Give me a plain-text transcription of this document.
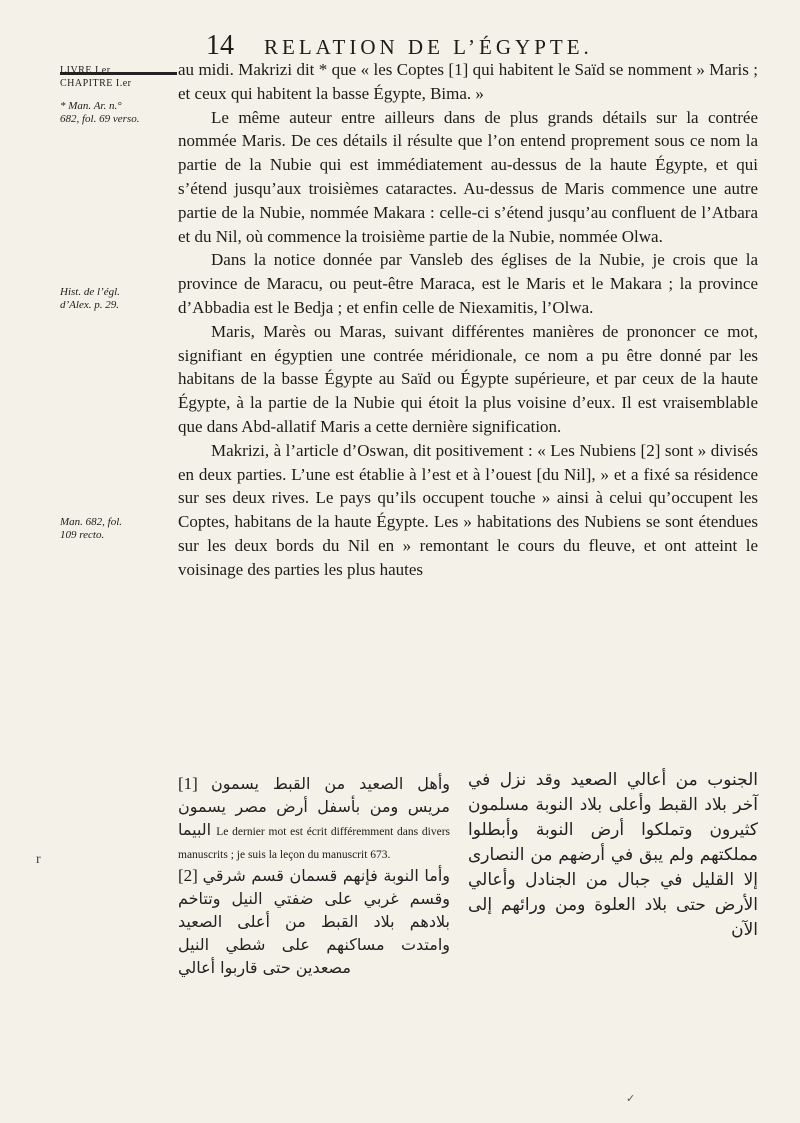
14 RELATION DE L’ÉGYPTE.
LIVRE I.er
CHAPITRE I.er
* Man. Ar. n.°
682, fol. 69 verso.
Hist. de l’égl.
d’Alex. p. 29.
Man. 682, fol.
109 recto.

au midi. Makrizi dit * que « les Coptes [1] qui habitent le Saïd se nomment » Maris ; et ceux qui habitent la basse Égypte, Bima. »

Le même auteur entre ailleurs dans de plus grands détails sur la contrée nommée Maris. De ces détails il résulte que l’on entend proprement sous ce nom la partie de la Nubie qui est immédiatement au-dessus de la haute Égypte, et qui s’étend jusqu’aux troisièmes cataractes. Au-dessus de Maris commence une autre partie de la Nubie, nommée Makara : celle-ci s’étend jusqu’au confluent de l’Atbara et du Nil, où commence la troisième partie de la Nubie, nommée Olwa.

Dans la notice donnée par Vansleb des églises de la Nubie, je crois que la province de Maracu, ou peut-être Maraca, est le Maris et le Makara ; la province d’Abbadia est le Bedja ; et enfin celle de Niexamitis, l’Olwa.

Maris, Marès ou Maras, suivant différentes manières de prononcer ce mot, signifiant en égyptien une contrée méridionale, ce nom a pu être donné par les habitans de la basse Égypte au Saïd ou Égypte supérieure, et par ceux de la haute Égypte, à la partie de la Nubie qui étoit la plus voisine d’eux. Il est vraisemblable que dans Abd-allatif Maris a cette dernière signification.

Makrizi, à l’article d’Oswan, dit positivement : « Les Nubiens [2] sont » divisés en deux parties. L’une est établie à l’est et à l’ouest [du Nil], » et a fixé sa résidence sur ses deux rives. Le pays qu’ils occupent touche » ainsi à celui qu’occupent les Coptes, habitans de la haute Égypte. Les » habitations des Nubiens se sont étendues sur les deux bords du Nil en » remontant le cours du fleuve, et ont atteint le voisinage des parties les plus hautes

[1] وأهل الصعيد من القبط يسمون مريس ومن بأسفل أرض مصر يسمون البيما Le dernier mot est écrit différemment dans divers manuscrits ; je suis la leçon du manuscrit 673.

[2] وأما النوبة فإنهم قسمان قسم شرقي وقسم غربي على ضفتي النيل وتتاخم بلادهم بلاد القبط من أعلى الصعيد وامتدت مساكنهم على شطي النيل مصعدين حتى قاربوا أعالي

الجنوب من أعالي الصعيد وقد نزل في آخر بلاد القبط وأعلى بلاد النوبة مسلمون كثيرون وتملكوا أرض النوبة وأبطلوا مملكتهم ولم يبق في أرضهم من النصارى إلا القليل في جبال من الجنادل وأعالي الأرض حتى بلاد العلوة ومن ورائهم إلى الآن
r
✓
